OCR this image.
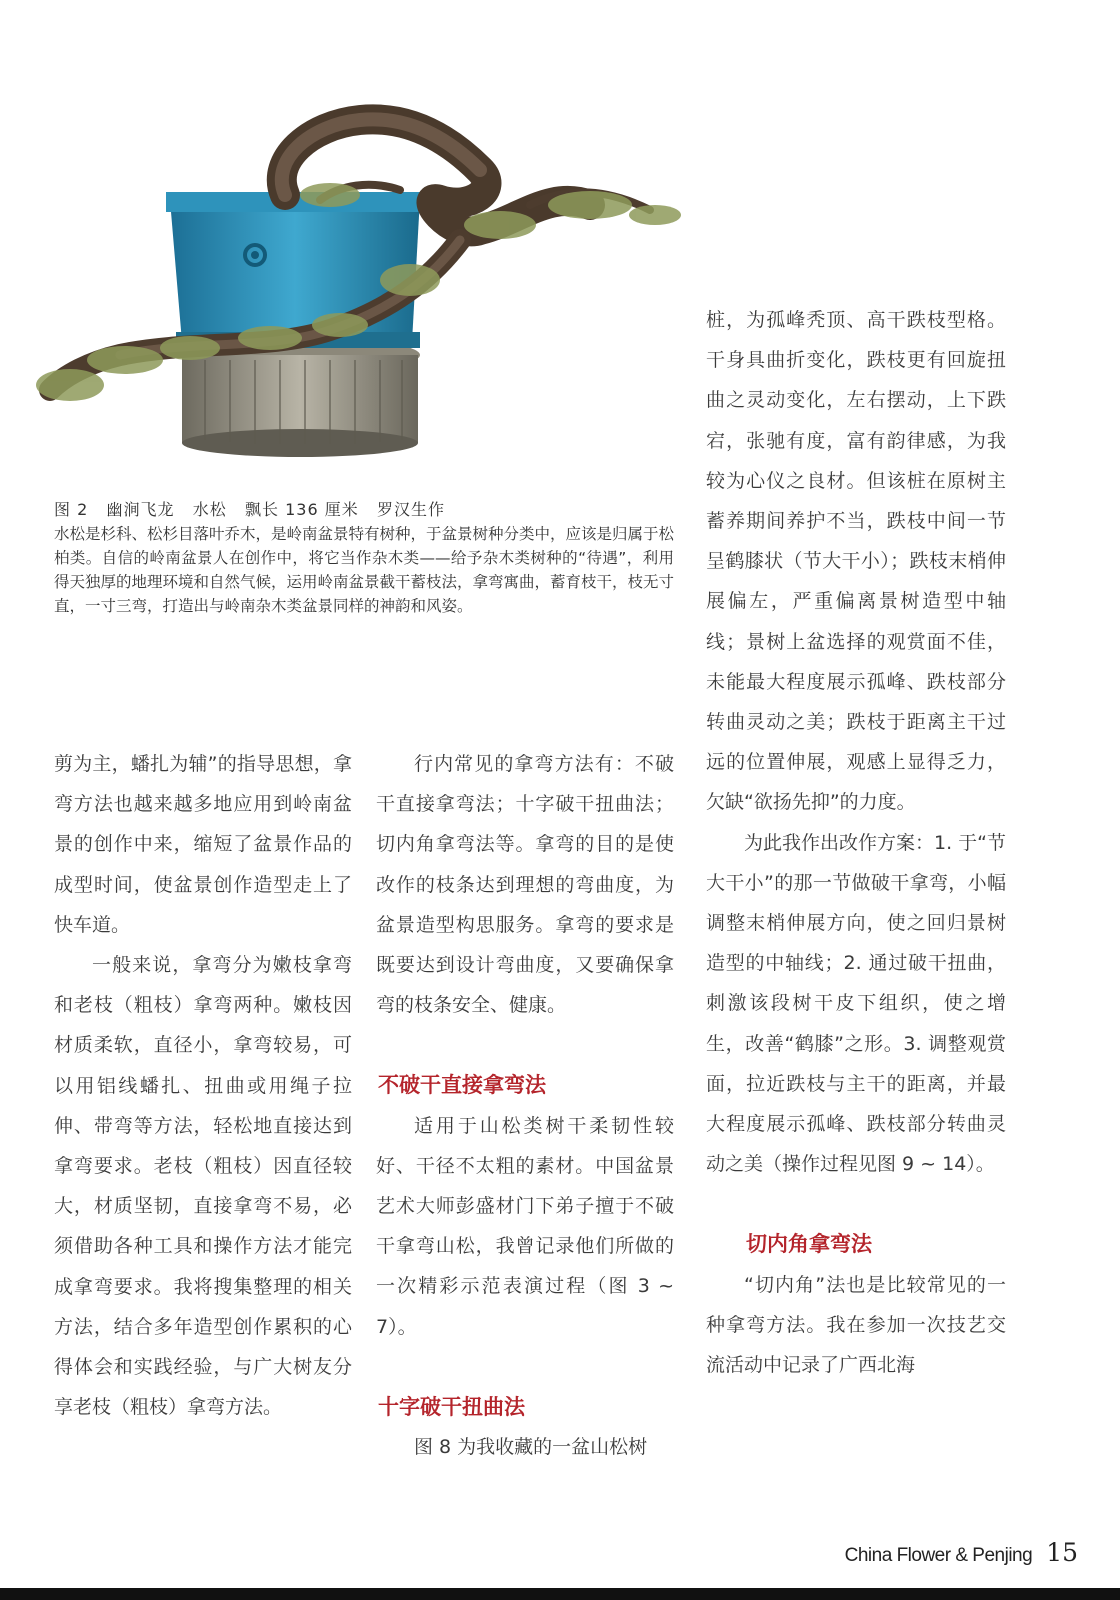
图 2   幽涧飞龙   水松   飘长 136 厘米   罗汉生作
水松是杉科、松杉目落叶乔木，是岭南盆景特有树种，于盆景树种分类中，应该是归属于松柏类。自信的岭南盆景人在创作中，将它当作杂木类——给予杂木类树种的“待遇”，利用得天独厚的地理环境和自然气候，运用岭南盆景截干蓄枝法，拿弯寓曲，蓄育枝干，枝无寸直，一寸三弯，打造出与岭南杂木类盆景同样的神韵和风姿。

剪为主，蟠扎为辅”的指导思想，拿弯方法也越来越多地应用到岭南盆景的创作中来，缩短了盆景作品的成型时间，使盆景创作造型走上了快车道。

一般来说，拿弯分为嫩枝拿弯和老枝（粗枝）拿弯两种。嫩枝因材质柔软，直径小，拿弯较易，可以用铝线蟠扎、扭曲或用绳子拉伸、带弯等方法，轻松地直接达到拿弯要求。老枝（粗枝）因直径较大，材质坚韧，直接拿弯不易，必须借助各种工具和操作方法才能完成拿弯要求。我将搜集整理的相关方法，结合多年造型创作累积的心得体会和实践经验，与广大树友分享老枝（粗枝）拿弯方法。

行内常见的拿弯方法有：不破干直接拿弯法；十字破干扭曲法；切内角拿弯法等。拿弯的目的是使改作的枝条达到理想的弯曲度，为盆景造型构思服务。拿弯的要求是既要达到设计弯曲度，又要确保拿弯的枝条安全、健康。

不破干直接拿弯法

适用于山松类树干柔韧性较好、干径不太粗的素材。中国盆景艺术大师彭盛材门下弟子擅于不破干拿弯山松，我曾记录他们所做的一次精彩示范表演过程（图 3 ~ 7）。

十字破干扭曲法

图 8 为我收藏的一盆山松树

桩，为孤峰秃顶、高干跌枝型格。干身具曲折变化，跌枝更有回旋扭曲之灵动变化，左右摆动，上下跌宕，张驰有度，富有韵律感，为我较为心仪之良材。但该桩在原树主蓄养期间养护不当，跌枝中间一节呈鹤膝状（节大干小）；跌枝末梢伸展偏左，严重偏离景树造型中轴线；景树上盆选择的观赏面不佳，未能最大程度展示孤峰、跌枝部分转曲灵动之美；跌枝于距离主干过远的位置伸展，观感上显得乏力，欠缺“欲扬先抑”的力度。

为此我作出改作方案：1. 于“节大干小”的那一节做破干拿弯，小幅调整末梢伸展方向，使之回归景树造型的中轴线；2. 通过破干扭曲，刺激该段树干皮下组织，使之增生，改善“鹤膝”之形。3. 调整观赏面，拉近跌枝与主干的距离，并最大程度展示孤峰、跌枝部分转曲灵动之美（操作过程见图 9 ~ 14）。

切内角拿弯法

“切内角”法也是比较常见的一种拿弯方法。我在参加一次技艺交流活动中记录了广西北海

China Flower & Penjing 15
